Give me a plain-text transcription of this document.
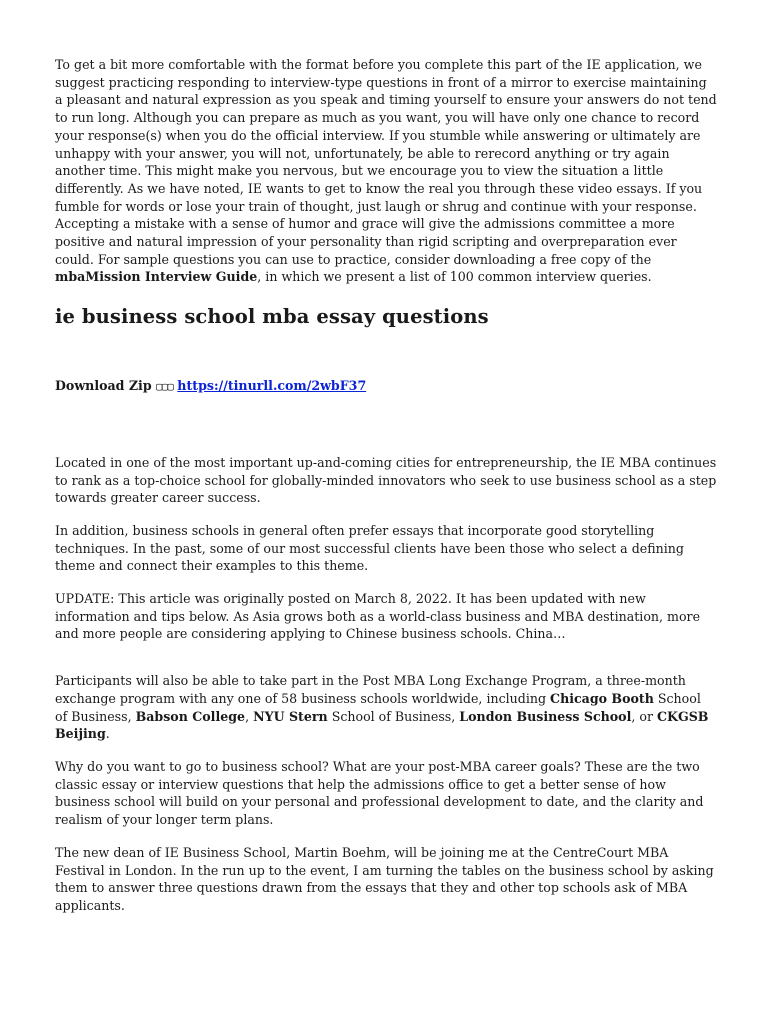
To get a bit more comfortable with the format before you complete this part of the IE application, we suggest practicing responding to interview-type questions in front of a mirror to exercise maintaining a pleasant and natural expression as you speak and timing yourself to ensure your answers do not tend to run long. Although you can prepare as much as you want, you will have only one chance to record your response(s) when you do the official interview. If you stumble while answering or ultimately are unhappy with your answer, you will not, unfortunately, be able to rerecord anything or try again another time. This might make you nervous, but we encourage you to view the situation a little differently. As we have noted, IE wants to get to know the real you through these video essays. If you fumble for words or lose your train of thought, just laugh or shrug and continue with your response. Accepting a mistake with a sense of humor and grace will give the admissions committee a more positive and natural impression of your personality than rigid scripting and overpreparation ever could. For sample questions you can use to practice, consider downloading a free copy of the mbaMission Interview Guide, in which we present a list of 100 common interview queries.

ie business school mba essay questions

Download Zip ▢▢▢ https://tinurll.com/2wbF37

Located in one of the most important up-and-coming cities for entrepreneurship, the IE MBA continues to rank as a top-choice school for globally-minded innovators who seek to use business school as a step towards greater career success.

In addition, business schools in general often prefer essays that incorporate good storytelling techniques. In the past, some of our most successful clients have been those who select a defining theme and connect their examples to this theme.

UPDATE: This article was originally posted on March 8, 2022. It has been updated with new information and tips below. As Asia grows both as a world-class business and MBA destination, more and more people are considering applying to Chinese business schools. China…

Participants will also be able to take part in the Post MBA Long Exchange Program, a three-month exchange program with any one of 58 business schools worldwide, including Chicago Booth School of Business, Babson College, NYU Stern School of Business, London Business School, or CKGSB Beijing.

Why do you want to go to business school? What are your post-MBA career goals? These are the two classic essay or interview questions that help the admissions office to get a better sense of how business school will build on your personal and professional development to date, and the clarity and realism of your longer term plans.

The new dean of IE Business School, Martin Boehm, will be joining me at the CentreCourt MBA Festival in London. In the run up to the event, I am turning the tables on the business school by asking them to answer three questions drawn from the essays that they and other top schools ask of MBA applicants.
